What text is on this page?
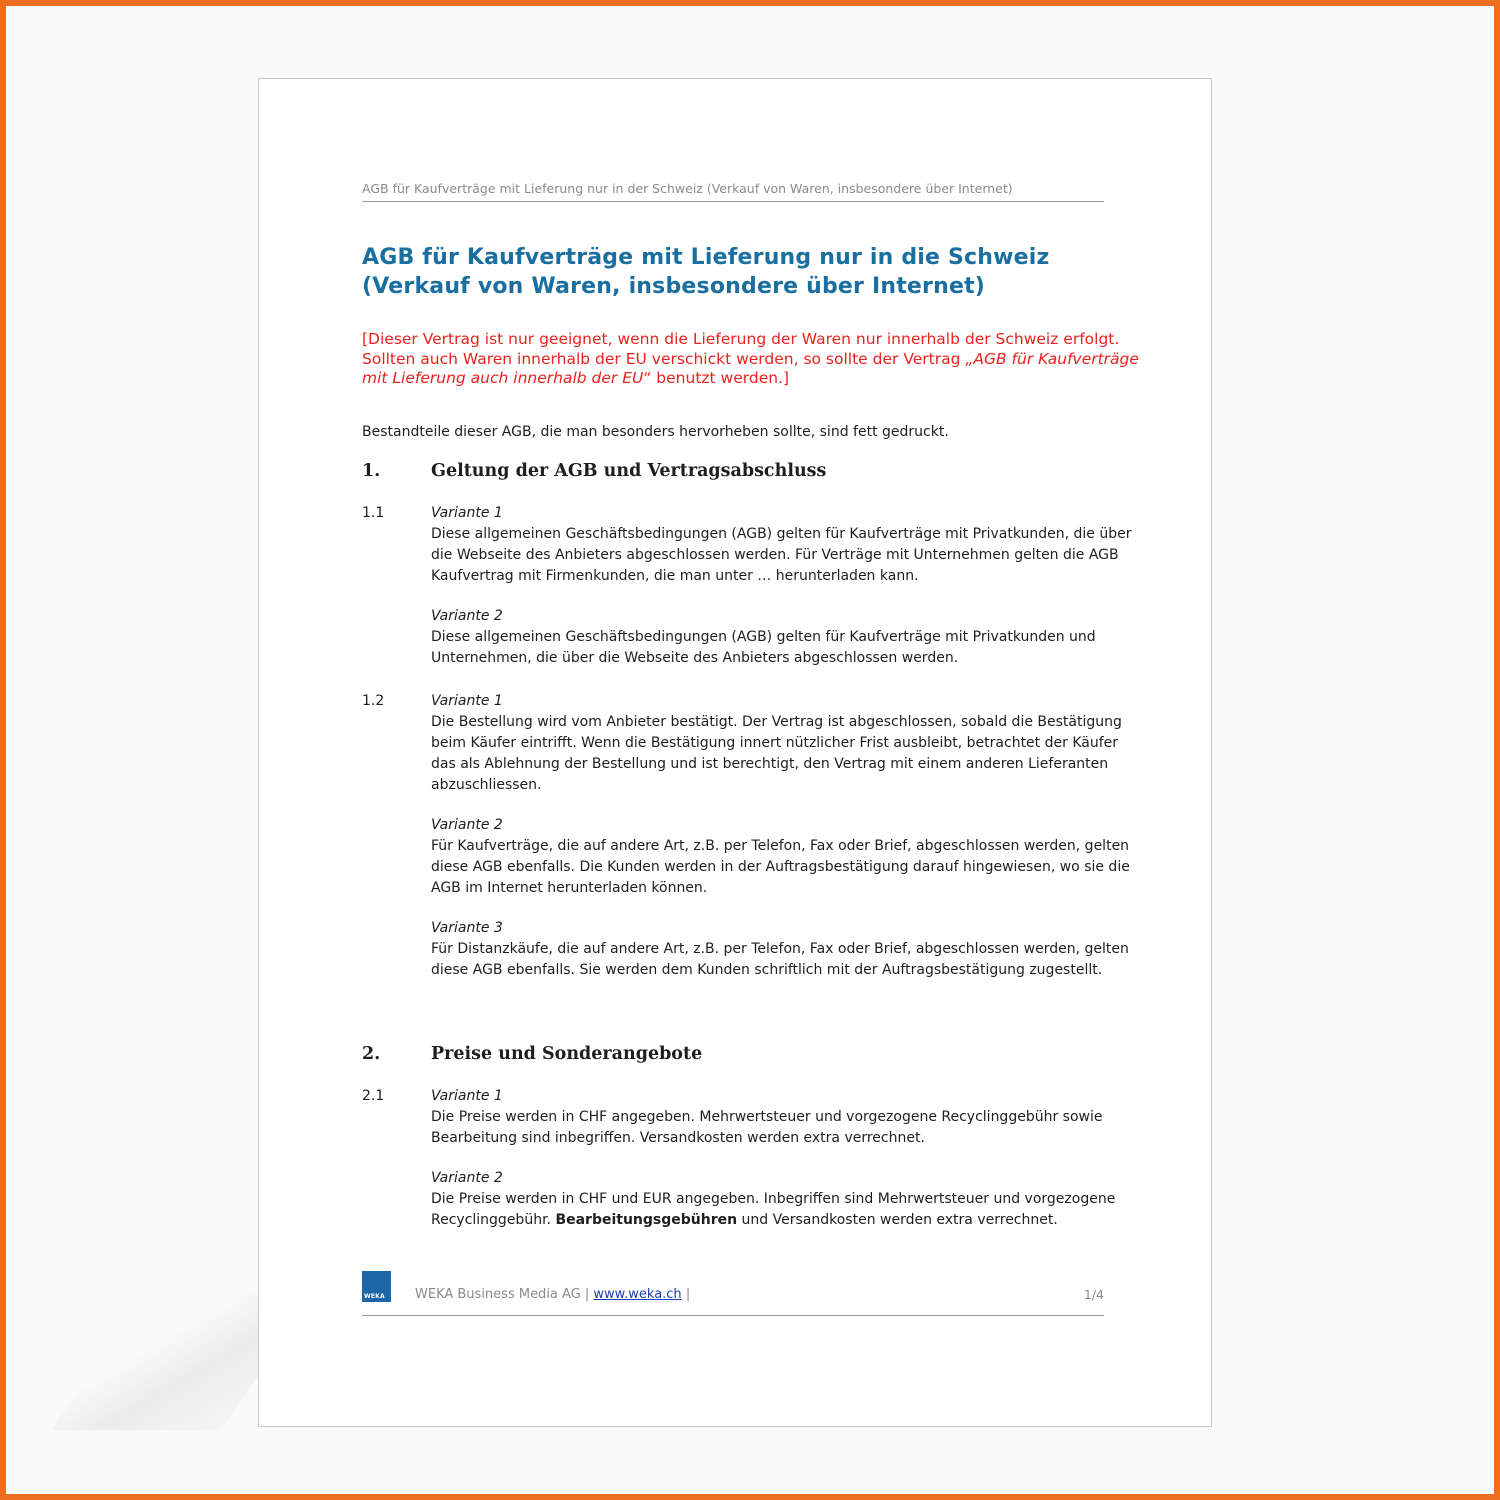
AGB für Kaufverträge mit Lieferung nur in der Schweiz (Verkauf von Waren, insbesondere über Internet)
AGB für Kaufverträge mit Lieferung nur in die Schweiz
(Verkauf von Waren, insbesondere über Internet)
[Dieser Vertrag ist nur geeignet, wenn die Lieferung der Waren nur innerhalb der Schweiz erfolgt. Sollten auch Waren innerhalb der EU verschickt werden, so sollte der Vertrag „AGB für Kaufverträge mit Lieferung auch innerhalb der EU“ benutzt werden.]
Bestandteile dieser AGB, die man besonders hervorheben sollte, sind fett gedruckt.
1.	Geltung der AGB und Vertragsabschluss
1.1	Variante 1
Diese allgemeinen Geschäftsbedingungen (AGB) gelten für Kaufverträge mit Privatkunden, die über die Webseite des Anbieters abgeschlossen werden. Für Verträge mit Unternehmen gelten die AGB Kaufvertrag mit Firmenkunden, die man unter … herunterladen kann.
Variante 2
Diese allgemeinen Geschäftsbedingungen (AGB) gelten für Kaufverträge mit Privatkunden und Unternehmen, die über die Webseite des Anbieters abgeschlossen werden.
1.2	Variante 1
Die Bestellung wird vom Anbieter bestätigt. Der Vertrag ist abgeschlossen, sobald die Bestätigung beim Käufer eintrifft. Wenn die Bestätigung innert nützlicher Frist ausbleibt, betrachtet der Käufer das als Ablehnung der Bestellung und ist berechtigt, den Vertrag mit einem anderen Lieferanten abzuschliessen.
Variante 2
Für Kaufverträge, die auf andere Art, z.B. per Telefon, Fax oder Brief, abgeschlossen werden, gelten diese AGB ebenfalls. Die Kunden werden in der Auftragsbestätigung darauf hingewiesen, wo sie die AGB im Internet herunterladen können.
Variante 3
Für Distanzkäufe, die auf andere Art, z.B. per Telefon, Fax oder Brief, abgeschlossen werden, gelten diese AGB ebenfalls. Sie werden dem Kunden schriftlich mit der Auftragsbestätigung zugestellt.
2.	Preise und Sonderangebote
2.1	Variante 1
Die Preise werden in CHF angegeben. Mehrwertsteuer und vorgezogene Recyclinggebühr sowie Bearbeitung sind inbegriffen. Versandkosten werden extra verrechnet.
Variante 2
Die Preise werden in CHF und EUR angegeben. Inbegriffen sind Mehrwertsteuer und vorgezogene Recyclinggebühr. Bearbeitungsgebühren und Versandkosten werden extra verrechnet.
WEKA WEKA Business Media AG | www.weka.ch |	1/4
